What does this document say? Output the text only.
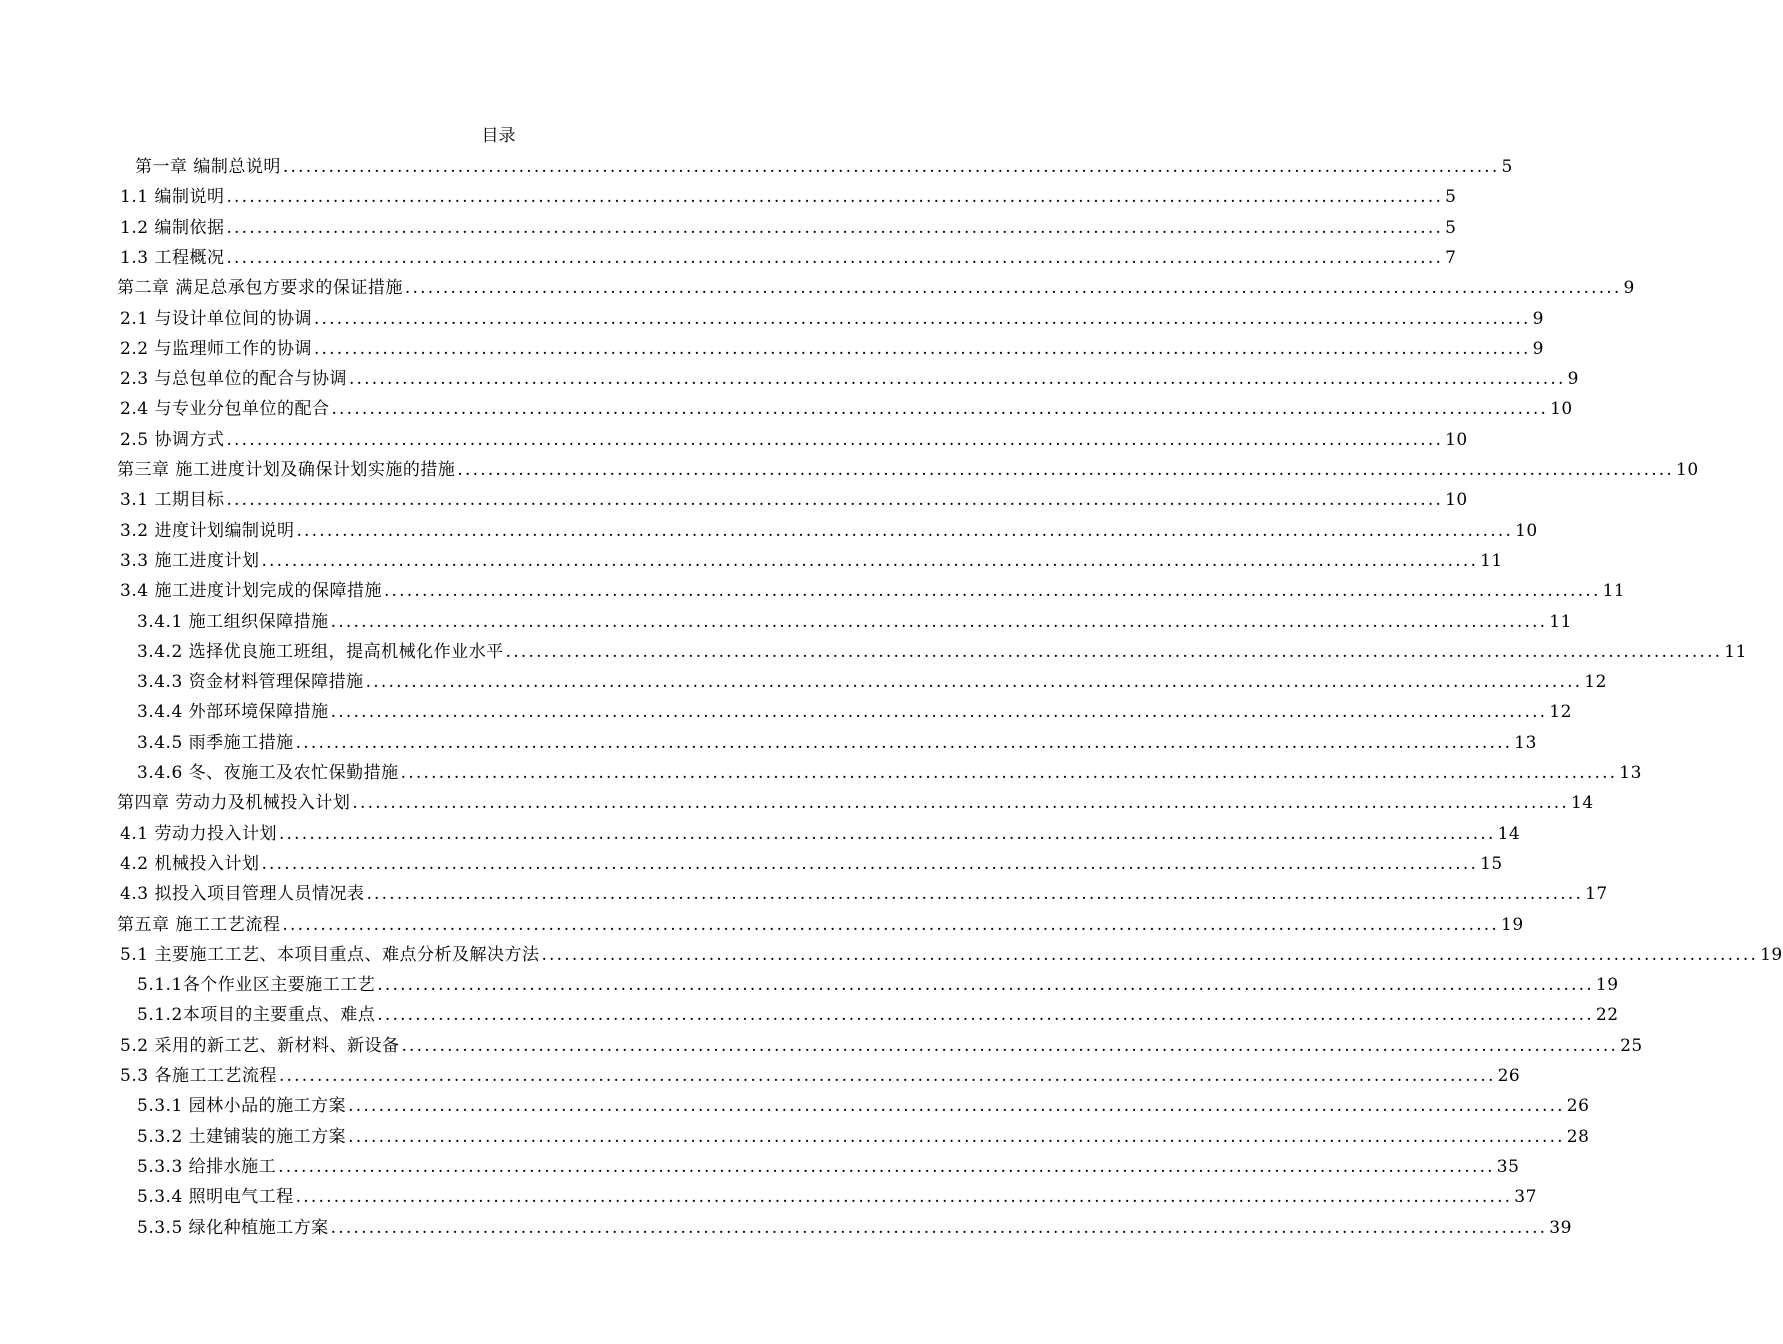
目录
第一章 编制总说明 ................................................................................................................................................................ 5
1.1 编制说明 ................................................................................................................................................................ 5
1.2 编制依据 ................................................................................................................................................................ 5
1.3 工程概况 ................................................................................................................................................................ 7
第二章 满足总承包方要求的保证措施 ................................................................................................................................................................ 9
2.1 与设计单位间的协调 ................................................................................................................................................................ 9
2.2 与监理师工作的协调 ................................................................................................................................................................ 9
2.3 与总包单位的配合与协调 ................................................................................................................................................................ 9
2.4 与专业分包单位的配合 ................................................................................................................................................................ 10
2.5 协调方式 ................................................................................................................................................................ 10
第三章 施工进度计划及确保计划实施的措施 ................................................................................................................................................................ 10
3.1 工期目标 ................................................................................................................................................................ 10
3.2 进度计划编制说明 ................................................................................................................................................................ 10
3.3 施工进度计划 ................................................................................................................................................................ 11
3.4 施工进度计划完成的保障措施 ................................................................................................................................................................ 11
3.4.1 施工组织保障措施 ................................................................................................................................................................ 11
3.4.2 选择优良施工班组，提高机械化作业水平 ................................................................................................................................................................ 11
3.4.3 资金材料管理保障措施 ................................................................................................................................................................ 12
3.4.4 外部环境保障措施 ................................................................................................................................................................ 12
3.4.5 雨季施工措施 ................................................................................................................................................................ 13
3.4.6 冬、夜施工及农忙保勤措施 ................................................................................................................................................................ 13
第四章 劳动力及机械投入计划 ................................................................................................................................................................ 14
4.1 劳动力投入计划 ................................................................................................................................................................ 14
4.2 机械投入计划 ................................................................................................................................................................ 15
4.3 拟投入项目管理人员情况表 ................................................................................................................................................................ 17
第五章 施工工艺流程 ................................................................................................................................................................ 19
5.1 主要施工工艺、本项目重点、难点分析及解决方法 ................................................................................................................................................................ 19
5.1.1各个作业区主要施工工艺 ................................................................................................................................................................ 19
5.1.2本项目的主要重点、难点 ................................................................................................................................................................ 22
5.2 采用的新工艺、新材料、新设备 ................................................................................................................................................................ 25
5.3 各施工工艺流程 ................................................................................................................................................................ 26
5.3.1 园林小品的施工方案 ................................................................................................................................................................ 26
5.3.2 土建铺装的施工方案 ................................................................................................................................................................ 28
5.3.3 给排水施工 ................................................................................................................................................................ 35
5.3.4 照明电气工程 ................................................................................................................................................................ 37
5.3.5 绿化种植施工方案 ................................................................................................................................................................ 39
